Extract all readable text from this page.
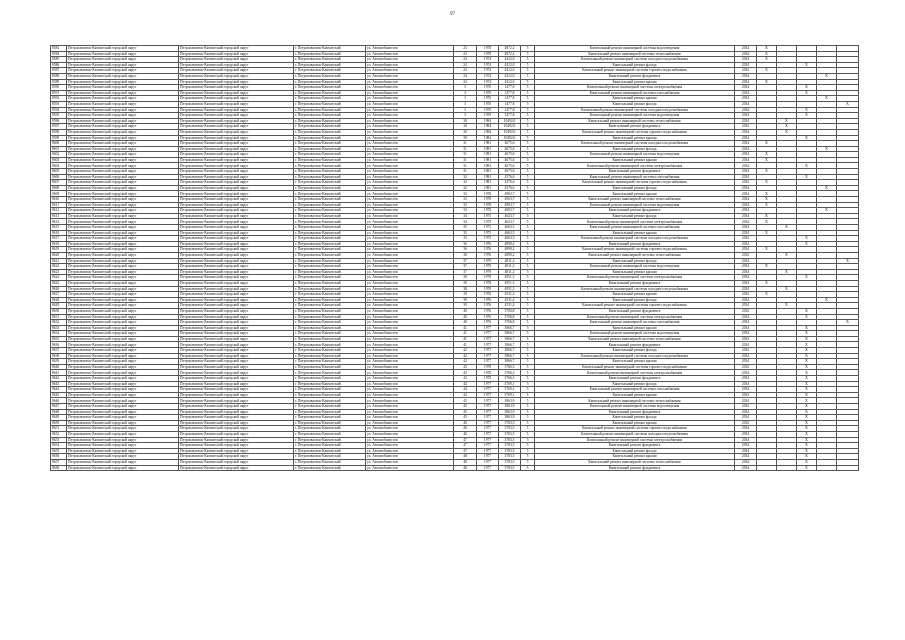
97
8583	Петропавловск-Камчатский городской округ	Петропавловск-Камчатский городской округ	г. Петропавловск-Камчатский	ул. Автомобилистов	23	1978	4872,2	5	Капитальный ремонт инженерной системы водоотведения	2034	X				
8584	Петропавловск-Камчатский городской округ	Петропавловск-Камчатский городской округ	г. Петропавловск-Камчатский	ул. Автомобилистов	23	1978	4872,2	5	Капитальный ремонт инженерной системы теплоснабжения	2034	X				
8585	Петропавловск-Камчатский городской округ	Петропавловск-Камчатский городской округ	г. Петропавловск-Камчатский	ул. Автомобилистов	24	1974	4412,0	5	Капитальный ремонт инженерной системы холодного водоснабжения	2034	X				
8586	Петропавловск-Камчатский городской округ	Петропавловск-Камчатский городской округ	г. Петропавловск-Камчатский	ул. Автомобилистов	24	1974	4412,0	5	Капитальный ремонт фасада	2034			X		
8587	Петропавловск-Камчатский городской округ	Петропавловск-Камчатский городской округ	г. Петропавловск-Камчатский	ул. Автомобилистов	24	1974	4412,0	5	Капитальный ремонт инженерной системы горячего водоснабжения	2034	X				
8588	Петропавловск-Камчатский городской округ	Петропавловск-Камчатский городской округ	г. Петропавловск-Камчатский	ул. Автомобилистов	24	1974	4412,0	5	Капитальный ремонт фундамента	2034				X	
8589	Петропавловск-Камчатский городской округ	Петропавловск-Камчатский городской округ	г. Петропавловск-Камчатский	ул. Автомобилистов	24	1974	4412,0	5	Капитальный ремонт крыши	2034	X				
8590	Петропавловск-Камчатский городской округ	Петропавловск-Камчатский городской округ	г. Петропавловск-Камчатский	ул. Автомобилистов	3	1970	1477,8	5	Капитальный ремонт инженерной системы электроснабжения	2034			X		
8591	Петропавловск-Камчатский городской округ	Петропавловск-Камчатский городской округ	г. Петропавловск-Камчатский	ул. Автомобилистов	3	1970	1477,8	5	Капитальный ремонт инженерной системы газоснабжения	2034			X		
8592	Петропавловск-Камчатский городской округ	Петропавловск-Камчатский городской округ	г. Петропавловск-Камчатский	ул. Автомобилистов	3	1970	1477,8	5	Капитальный ремонт крыши	2034				X	
8593	Петропавловск-Камчатский городской округ	Петропавловск-Камчатский городской округ	г. Петропавловск-Камчатский	ул. Автомобилистов	3	1970	1477,8	5	Капитальный ремонт фасада	2034					X
8594	Петропавловск-Камчатский городской округ	Петропавловск-Камчатский городской округ	г. Петропавловск-Камчатский	ул. Автомобилистов	3	1970	1477,8	5	Капитальный ремонт инженерной системы холодного водоснабжения	2034			X		
8595	Петропавловск-Камчатский городской округ	Петропавловск-Камчатский городской округ	г. Петропавловск-Камчатский	ул. Автомобилистов	3	1970	1477,8	5	Капитальный ремонт инженерной системы водоотведения	2034			X		
8596	Петропавловск-Камчатский городской округ	Петропавловск-Камчатский городской округ	г. Петропавловск-Камчатский	ул. Автомобилистов	30	1984	10492,0	5	Капитальный ремонт инженерной системы теплоснабжения	2034		X			
8597	Петропавловск-Камчатский городской округ	Петропавловск-Камчатский городской округ	г. Петропавловск-Камчатский	ул. Автомобилистов	30	1984	10492,0	5	Капитальный ремонт фундамента	2034		X			
8598	Петропавловск-Камчатский городской округ	Петропавловск-Камчатский городской округ	г. Петропавловск-Камчатский	ул. Автомобилистов	30	1984	10492,0	5	Капитальный ремонт инженерной системы горячего водоснабжения	2034		X			
8599	Петропавловск-Камчатский городской округ	Петропавловск-Камчатский городской округ	г. Петропавловск-Камчатский	ул. Автомобилистов	30	1984	10492,0	5	Капитальный ремонт крыши	2034			X		
8600	Петропавловск-Камчатский городской округ	Петропавловск-Камчатский городской округ	г. Петропавловск-Камчатский	ул. Автомобилистов	31	1981	4675,6	5	Капитальный ремонт инженерной системы холодного водоснабжения	2034	X				
8601	Петропавловск-Камчатский городской округ	Петропавловск-Камчатский городской округ	г. Петропавловск-Камчатский	ул. Автомобилистов	31	1981	4675,6	5	Капитальный ремонт фасада	2034				X	
8602	Петропавловск-Камчатский городской округ	Петропавловск-Камчатский городской округ	г. Петропавловск-Камчатский	ул. Автомобилистов	31	1981	4675,6	5	Капитальный ремонт инженерной системы водоотведения	2034	X				
8603	Петропавловск-Камчатский городской округ	Петропавловск-Камчатский городской округ	г. Петропавловск-Камчатский	ул. Автомобилистов	31	1981	4675,6	5	Капитальный ремонт крыши	2034	X				
8604	Петропавловск-Камчатский городской округ	Петропавловск-Камчатский городской округ	г. Петропавловск-Камчатский	ул. Автомобилистов	31	1981	4675,6	5	Капитальный ремонт инженерной системы электроснабжения	2034			X		
8605	Петропавловск-Камчатский городской округ	Петропавловск-Камчатский городской округ	г. Петропавловск-Камчатский	ул. Автомобилистов	31	1981	4675,6	5	Капитальный ремонт фундамента	2034	X				
8606	Петропавловск-Камчатский городской округ	Петропавловск-Камчатский городской округ	г. Петропавловск-Камчатский	ул. Автомобилистов	32	1981	4376,6	5	Капитальный ремонт инженерной системы газоснабжения	2034			X		
8607	Петропавловск-Камчатский городской округ	Петропавловск-Камчатский городской округ	г. Петропавловск-Камчатский	ул. Автомобилистов	32	1981	4376,6	5	Капитальный ремонт инженерной системы горячего водоснабжения	2034	X				
8608	Петропавловск-Камчатский городской округ	Петропавловск-Камчатский городской округ	г. Петропавловск-Камчатский	ул. Автомобилистов	32	1981	4376,6	5	Капитальный ремонт фасада	2034				X	
8609	Петропавловск-Камчатский городской округ	Петропавловск-Камчатский городской округ	г. Петропавловск-Камчатский	ул. Автомобилистов	33	1978	4903,7	5	Капитальный ремонт крыши	2034	X				
8610	Петропавловск-Камчатский городской округ	Петропавловск-Камчатский городской округ	г. Петропавловск-Камчатский	ул. Автомобилистов	33	1978	4903,7	5	Капитальный ремонт инженерной системы теплоснабжения	2034	X				
8611	Петропавловск-Камчатский городской округ	Петропавловск-Камчатский городской округ	г. Петропавловск-Камчатский	ул. Автомобилистов	33	1978	4903,7	5	Капитальный ремонт инженерной системы водоотведения	2034	X				
8612	Петропавловск-Камчатский городской округ	Петропавловск-Камчатский городской округ	г. Петропавловск-Камчатский	ул. Автомобилистов	33	1978	4903,7	5	Капитальный ремонт фундамента	2034				X	
8613	Петропавловск-Камчатский городской округ	Петропавловск-Камчатский городской округ	г. Петропавловск-Камчатский	ул. Автомобилистов	34	1975	4623,7	5	Капитальный ремонт фасада	2034	X				
8614	Петропавловск-Камчатский городской округ	Петропавловск-Камчатский городской округ	г. Петропавловск-Камчатский	ул. Автомобилистов	34	1975	4623,7	5	Капитальный ремонт инженерной системы электроснабжения	2034	X				
8615	Петропавловск-Камчатский городской округ	Петропавловск-Камчатский городской округ	г. Петропавловск-Камчатский	ул. Автомобилистов	35	1975	4663,5	5	Капитальный ремонт инженерной системы газоснабжения	2034		X			
8616	Петропавловск-Камчатский городской округ	Петропавловск-Камчатский городской округ	г. Петропавловск-Камчатский	ул. Автомобилистов	35	1975	4663,5	5	Капитальный ремонт крыши	2034	X				
8617	Петропавловск-Камчатский городской округ	Петропавловск-Камчатский городской округ	г. Петропавловск-Камчатский	ул. Автомобилистов	35	1975	4663,5	5	Капитальный ремонт инженерной системы холодного водоснабжения	2034			X		
8618	Петропавловск-Камчатский городской округ	Петропавловск-Камчатский городской округ	г. Петропавловск-Камчатский	ул. Автомобилистов	36	1976	4890,2	5	Капитальный ремонт фундамента	2034			X		
8619	Петропавловск-Камчатский городской округ	Петропавловск-Камчатский городской округ	г. Петропавловск-Камчатский	ул. Автомобилистов	36	1976	4890,2	5	Капитальный ремонт инженерной системы горячего водоснабжения	2034	X				
8620	Петропавловск-Камчатский городской округ	Петропавловск-Камчатский городской округ	г. Петропавловск-Камчатский	ул. Автомобилистов	36	1976	4890,2	5	Капитальный ремонт инженерной системы теплоснабжения	2034		X			
8621	Петропавловск-Камчатский городской округ	Петропавловск-Камчатский городской округ	г. Петропавловск-Камчатский	ул. Автомобилистов	37	1979	4811,2	5	Капитальный ремонт фасада	2034					X
8622	Петропавловск-Камчатский городской округ	Петропавловск-Камчатский городской округ	г. Петропавловск-Камчатский	ул. Автомобилистов	37	1979	4811,2	5	Капитальный ремонт инженерной системы водоотведения	2034	X				
8623	Петропавловск-Камчатский городской округ	Петропавловск-Камчатский городской округ	г. Петропавловск-Камчатский	ул. Автомобилистов	37	1979	4811,2	5	Капитальный ремонт крыши	2034		X			
8624	Петропавловск-Камчатский городской округ	Петропавловск-Камчатский городской округ	г. Петропавловск-Камчатский	ул. Автомобилистов	38	1978	4951,3	5	Капитальный ремонт инженерной системы электроснабжения	2034			X		
8625	Петропавловск-Камчатский городской округ	Петропавловск-Камчатский городской округ	г. Петропавловск-Камчатский	ул. Автомобилистов	38	1978	4951,3	5	Капитальный ремонт фундамента	2034	X				
8626	Петропавловск-Камчатский городской округ	Петропавловск-Камчатский городской округ	г. Петропавловск-Камчатский	ул. Автомобилистов	38	1978	4951,3	5	Капитальный ремонт инженерной системы холодного водоснабжения	2034		X			
8627	Петропавловск-Камчатский городской округ	Петропавловск-Камчатский городской округ	г. Петропавловск-Камчатский	ул. Автомобилистов	39	1976	4531,2	5	Капитальный ремонт крыши	2034	X				
8628	Петропавловск-Камчатский городской округ	Петропавловск-Камчатский городской округ	г. Петропавловск-Камчатский	ул. Автомобилистов	39	1976	4531,2	5	Капитальный ремонт фасада	2034				X	
8629	Петропавловск-Камчатский городской округ	Петропавловск-Камчатский городской округ	г. Петропавловск-Камчатский	ул. Автомобилистов	39	1976	4531,2	5	Капитальный ремонт инженерной системы горячего водоснабжения	2034		X			
8630	Петропавловск-Камчатский городской округ	Петропавловск-Камчатский городской округ	г. Петропавловск-Камчатский	ул. Автомобилистов	40	1976	3706,8	5	Капитальный ремонт фундамента	2034			X		
8631	Петропавловск-Камчатский городской округ	Петропавловск-Камчатский городской округ	г. Петропавловск-Камчатский	ул. Автомобилистов	40	1976	3706,8	5	Капитальный ремонт инженерной системы электроснабжения	2034			X		
8632	Петропавловск-Камчатский городской округ	Петропавловск-Камчатский городской округ	г. Петропавловск-Камчатский	ул. Автомобилистов	40	1976	3706,8	5	Капитальный ремонт инженерной системы газоснабжения	2034					X
8633	Петропавловск-Камчатский городской округ	Петропавловск-Камчатский городской округ	г. Петропавловск-Камчатский	ул. Автомобилистов	41	1977	3866,7	5	Капитальный ремонт крыши	2034			X		
8634	Петропавловск-Камчатский городской округ	Петропавловск-Камчатский городской округ	г. Петропавловск-Камчатский	ул. Автомобилистов	41	1977	3866,7	5	Капитальный ремонт инженерной системы водоотведения	2034			X		
8635	Петропавловск-Камчатский городской округ	Петропавловск-Камчатский городской округ	г. Петропавловск-Камчатский	ул. Автомобилистов	41	1977	3866,7	5	Капитальный ремонт инженерной системы теплоснабжения	2034			X		
8636	Петропавловск-Камчатский городской округ	Петропавловск-Камчатский городской округ	г. Петропавловск-Камчатский	ул. Автомобилистов	41	1977	3866,7	5	Капитальный ремонт фундамента	2034			X		
8637	Петропавловск-Камчатский городской округ	Петропавловск-Камчатский городской округ	г. Петропавловск-Камчатский	ул. Автомобилистов	42	1977	3866,7	5	Капитальный ремонт фасада	2034			X		
8638	Петропавловск-Камчатский городской округ	Петропавловск-Камчатский городской округ	г. Петропавловск-Камчатский	ул. Автомобилистов	42	1977	3866,7	5	Капитальный ремонт инженерной системы холодного водоснабжения	2034			X		
8639	Петропавловск-Камчатский городской округ	Петропавловск-Камчатский городской округ	г. Петропавловск-Камчатский	ул. Автомобилистов	42	1977	3866,7	5	Капитальный ремонт крыши	2034			X		
8640	Петропавловск-Камчатский городской округ	Петропавловск-Камчатский городской округ	г. Петропавловск-Камчатский	ул. Автомобилистов	43	1978	3766,3	5	Капитальный ремонт инженерной системы горячего водоснабжения	2034			X		
8641	Петропавловск-Камчатский городской округ	Петропавловск-Камчатский городской округ	г. Петропавловск-Камчатский	ул. Автомобилистов	43	1978	3766,3	5	Капитальный ремонт инженерной системы электроснабжения	2034			X		
8642	Петропавловск-Камчатский городской округ	Петропавловск-Камчатский городской округ	г. Петропавловск-Камчатский	ул. Автомобилистов	43	1978	3766,3	5	Капитальный ремонт фундамента	2034			X		
8643	Петропавловск-Камчатский городской округ	Петропавловск-Камчатский городской округ	г. Петропавловск-Камчатский	ул. Автомобилистов	44	1977	3769,1	5	Капитальный ремонт фасада	2034			X		
8644	Петропавловск-Камчатский городской округ	Петропавловск-Камчатский городской округ	г. Петропавловск-Камчатский	ул. Автомобилистов	44	1977	3769,1	5	Капитальный ремонт инженерной системы газоснабжения	2034			X		
8645	Петропавловск-Камчатский городской округ	Петропавловск-Камчатский городской округ	г. Петропавловск-Камчатский	ул. Автомобилистов	44	1977	3769,1	5	Капитальный ремонт крыши	2034			X		
8646	Петропавловск-Камчатский городской округ	Петропавловск-Камчатский городской округ	г. Петропавловск-Камчатский	ул. Автомобилистов	45	1977	3863,9	5	Капитальный ремонт инженерной системы теплоснабжения	2034			X		
8647	Петропавловск-Камчатский городской округ	Петропавловск-Камчатский городской округ	г. Петропавловск-Камчатский	ул. Автомобилистов	45	1977	3863,9	5	Капитальный ремонт инженерной системы водоотведения	2034			X		
8648	Петропавловск-Камчатский городской округ	Петропавловск-Камчатский городской округ	г. Петропавловск-Камчатский	ул. Автомобилистов	45	1977	3863,9	5	Капитальный ремонт фундамента	2034			X		
8649	Петропавловск-Камчатский городской округ	Петропавловск-Камчатский городской округ	г. Петропавловск-Камчатский	ул. Автомобилистов	45	1977	3863,9	5	Капитальный ремонт фасада	2034			X		
8650	Петропавловск-Камчатский городской округ	Петропавловск-Камчатский городской округ	г. Петропавловск-Камчатский	ул. Автомобилистов	46	1977	3783,5	5	Капитальный ремонт крыши	2034			X		
8651	Петропавловск-Камчатский городской округ	Петропавловск-Камчатский городской округ	г. Петропавловск-Камчатский	ул. Автомобилистов	46	1977	3783,5	5	Капитальный ремонт инженерной системы горячего водоснабжения	2034			X		
8652	Петропавловск-Камчатский городской округ	Петропавловск-Камчатский городской округ	г. Петропавловск-Камчатский	ул. Автомобилистов	46	1977	3783,5	5	Капитальный ремонт инженерной системы холодного водоснабжения	2034			X		
8653	Петропавловск-Камчатский городской округ	Петропавловск-Камчатский городской округ	г. Петропавловск-Камчатский	ул. Автомобилистов	47	1977	3783,5	5	Капитальный ремонт инженерной системы электроснабжения	2034			X		
8654	Петропавловск-Камчатский городской округ	Петропавловск-Камчатский городской округ	г. Петропавловск-Камчатский	ул. Автомобилистов	47	1977	3783,5	5	Капитальный ремонт фундамента	2034			X		
8655	Петропавловск-Камчатский городской округ	Петропавловск-Камчатский городской округ	г. Петропавловск-Камчатский	ул. Автомобилистов	47	1977	3783,5	5	Капитальный ремонт фасада	2034			X		
8656	Петропавловск-Камчатский городской округ	Петропавловск-Камчатский городской округ	г. Петропавловск-Камчатский	ул. Автомобилистов	48	1977	3783,5	5	Капитальный ремонт крыши	2034			X		
8657	Петропавловск-Камчатский городской округ	Петропавловск-Камчатский городской округ	г. Петропавловск-Камчатский	ул. Автомобилистов	48	1977	3783,5	5	Капитальный ремонт инженерной системы теплоснабжения	2034			X		
8658	Петропавловск-Камчатский городской округ	Петропавловск-Камчатский городской округ	г. Петропавловск-Камчатский	ул. Автомобилистов	48	1977	3783,5	5	Капитальный ремонт фундамента	2034			X		
